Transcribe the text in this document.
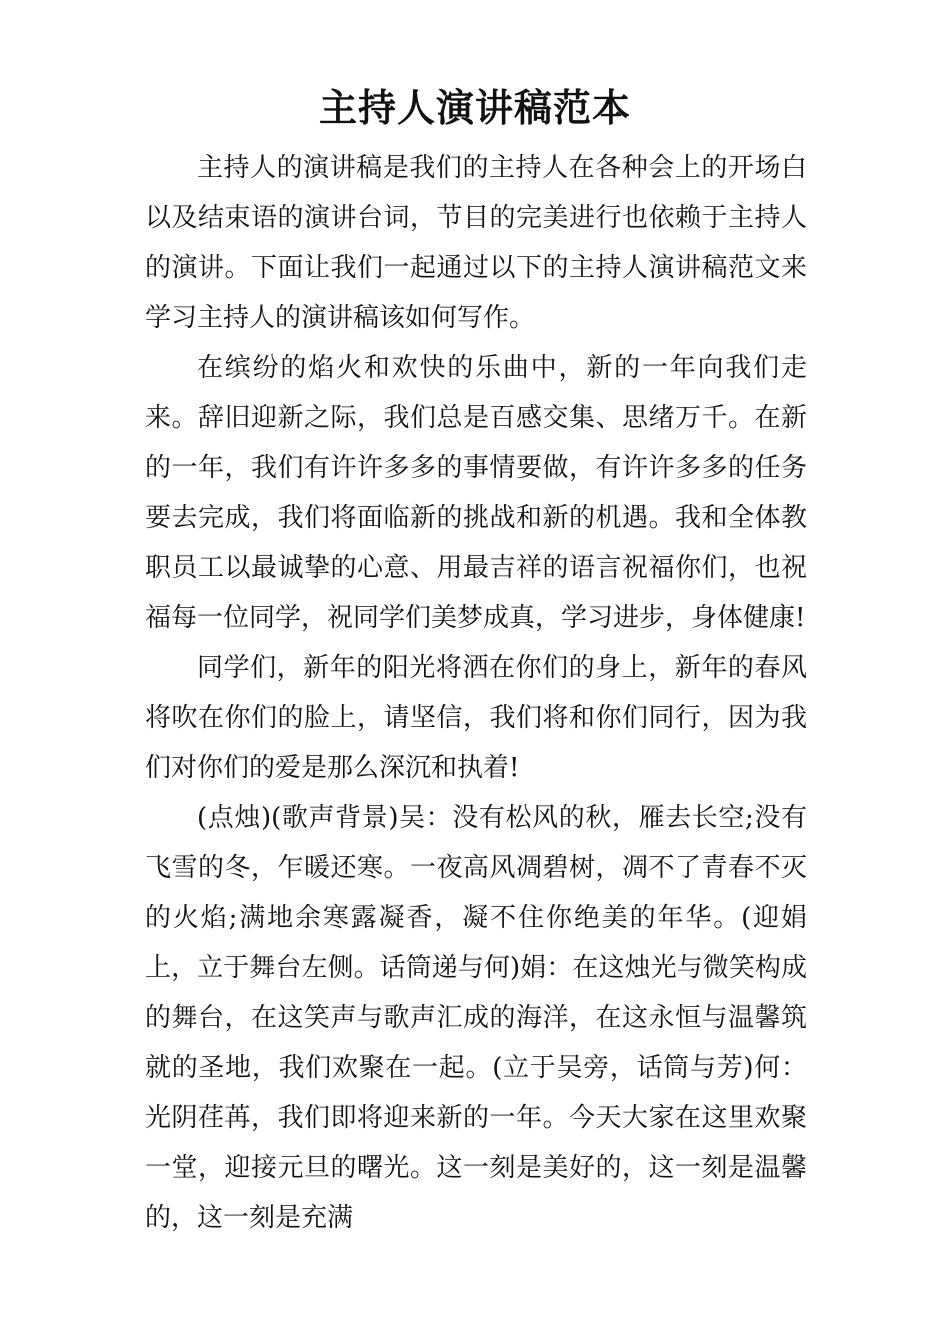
主持人演讲稿范本

主持人的演讲稿是我们的主持人在各种会上的开场白以及结束语的演讲台词，节目的完美进行也依赖于主持人的演讲。下面让我们一起通过以下的主持人演讲稿范文来学习主持人的演讲稿该如何写作。

在缤纷的焰火和欢快的乐曲中，新的一年向我们走来。辞旧迎新之际，我们总是百感交集、思绪万千。在新的一年，我们有许许多多的事情要做，有许许多多的任务要去完成，我们将面临新的挑战和新的机遇。我和全体教职员工以最诚挚的心意、用最吉祥的语言祝福你们，也祝福每一位同学，祝同学们美梦成真，学习进步，身体健康!

同学们，新年的阳光将洒在你们的身上，新年的春风将吹在你们的脸上，请坚信，我们将和你们同行，因为我们对你们的爱是那么深沉和执着!

(点烛)(歌声背景)吴：没有松风的秋，雁去长空;没有飞雪的冬，乍暖还寒。一夜高风凋碧树，凋不了青春不灭的火焰;满地余寒露凝香，凝不住你绝美的年华。(迎娟上，立于舞台左侧。话筒递与何)娟：在这烛光与微笑构成的舞台，在这笑声与歌声汇成的海洋，在这永恒与温馨筑就的圣地，我们欢聚在一起。(立于吴旁，话筒与芳)何：光阴荏苒，我们即将迎来新的一年。今天大家在这里欢聚一堂，迎接元旦的曙光。这一刻是美好的，这一刻是温馨的，这一刻是充满
